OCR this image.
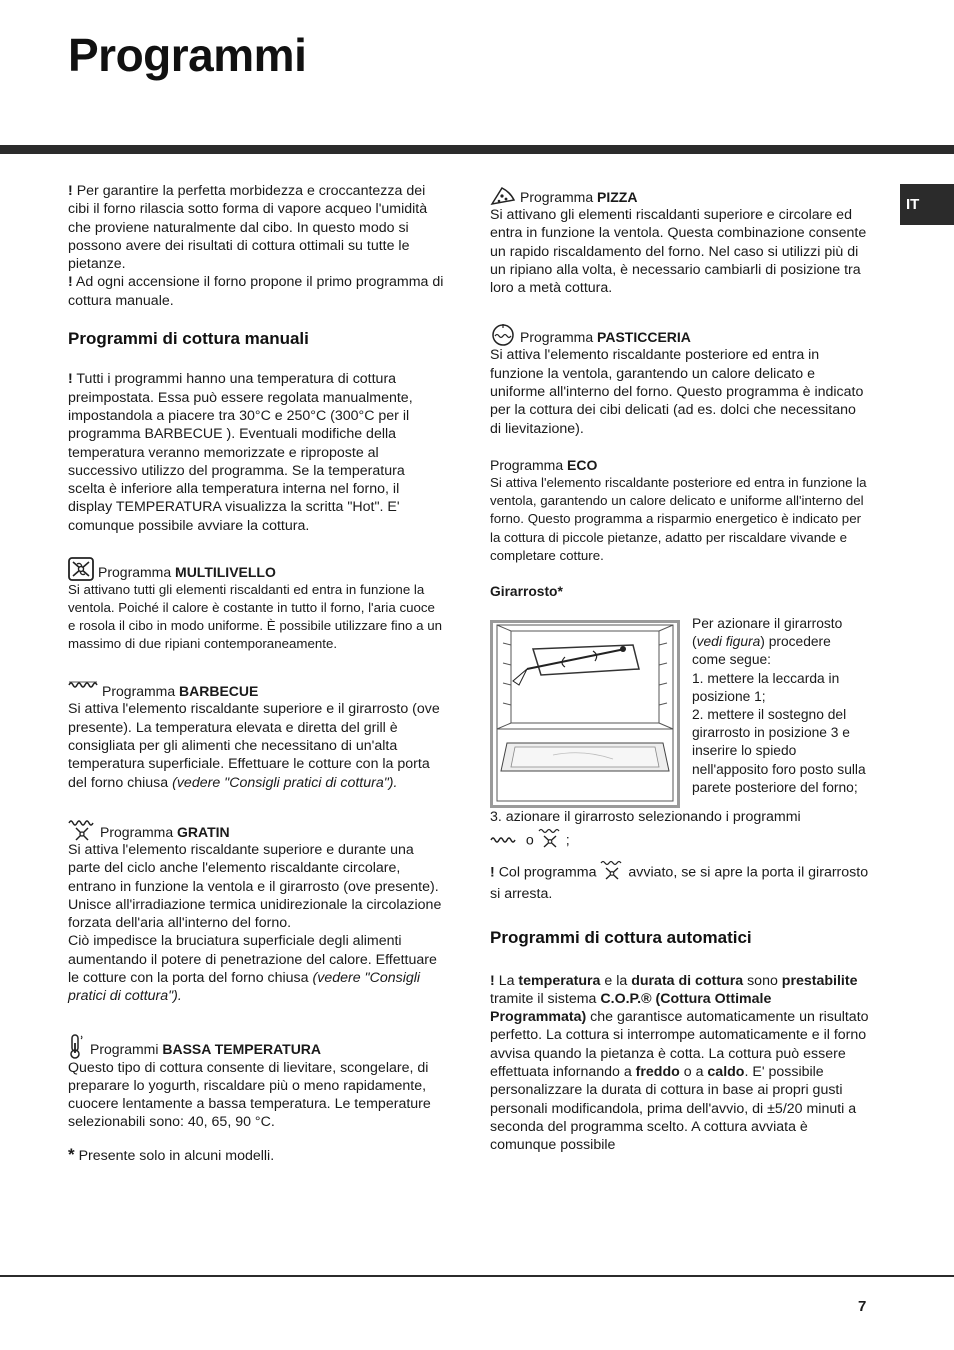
Programmi
IT

! Per garantire la perfetta morbidezza e croccantezza dei cibi il forno rilascia sotto forma di vapore acqueo l'umidità che proviene naturalmente dal cibo. In questo modo si possono avere dei risultati di cottura ottimali su tutte le pietanze.

! Ad ogni accensione il forno propone il primo programma di cottura manuale.

Programmi di cottura manuali

! Tutti i programmi hanno una temperatura di cottura preimpostata. Essa può essere regolata manualmente, impostandola a piacere tra 30°C e 250°C (300°C per il programma BARBECUE ). Eventuali modifiche della temperatura veranno memorizzate e riproposte al successivo utilizzo del programma. Se la temperatura scelta è inferiore alla temperatura interna nel forno, il display TEMPERATURA visualizza la scritta "Hot". E' comunque possibile avviare la cottura.

Programma MULTILIVELLO

Si attivano tutti gli elementi riscaldanti ed entra in funzione la ventola. Poiché il calore è costante in tutto il forno, l'aria cuoce e rosola il cibo in modo uniforme. È possibile utilizzare fino a un massimo di due ripiani contemporaneamente.

Programma BARBECUE

Si attiva l'elemento riscaldante superiore e il girarrosto (ove presente). La temperatura elevata e diretta del grill è consigliata per gli alimenti che necessitano di un'alta temperatura superficiale. Effettuare le cotture con la porta del forno chiusa (vedere "Consigli pratici di cottura").

Programma GRATIN

Si attiva l'elemento riscaldante superiore e durante una parte del ciclo anche l'elemento riscaldante circolare, entrano in funzione la ventola e il girarrosto (ove presente). Unisce all'irradiazione termica unidirezionale la circolazione forzata dell'aria all'interno del forno.

Ciò impedisce la bruciatura superficiale degli alimenti aumentando il potere di penetrazione del calore. Effettuare le cotture con la porta del forno chiusa (vedere "Consigli pratici di cottura").

Programmi BASSA TEMPERATURA

Questo tipo di cottura consente di lievitare, scongelare, di preparare lo yogurth, riscaldare più o meno rapidamente, cuocere lentamente a bassa temperatura. Le temperature selezionabili sono: 40, 65, 90 °C.

* Presente solo in alcuni modelli.

Programma PIZZA

Si attivano gli elementi riscaldanti superiore e circolare ed entra in funzione la ventola. Questa combinazione consente un rapido riscaldamento del forno. Nel caso si utilizzi più di un ripiano alla volta, è necessario cambiarli di posizione tra loro a metà cottura.

Programma PASTICCERIA

Si attiva l'elemento riscaldante posteriore ed entra in funzione la ventola, garantendo un calore delicato e uniforme all'interno del forno. Questo programma è indicato per la cottura dei cibi delicati (ad es. dolci che necessitano di lievitazione).

Programma ECO

Si attiva l'elemento riscaldante posteriore ed entra in funzione la ventola, garantendo un calore delicato e uniforme all'interno del forno. Questo programma a risparmio energetico è indicato per la cottura di piccole pietanze, adatto per riscaldare vivande e completare cotture.

Girarrosto*

Per azionare il girarrosto (vedi figura) procedere come segue:

1. mettere la leccarda in posizione 1;

2. mettere il sostegno del girarrosto in posizione 3 e inserire lo spiedo nell'apposito foro posto sulla parete posteriore del forno;

3. azionare il girarrosto selezionando i programmi

o ;

! Col programma avviato, se si apre la porta il girarrosto si arresta.

Programmi di cottura automatici

! La temperatura e la durata di cottura sono prestabilite tramite il sistema C.O.P.® (Cottura Ottimale Programmata) che garantisce automaticamente un risultato perfetto. La cottura si interrompe automaticamente e il forno avvisa quando la pietanza è cotta. La cottura può essere effettuata infornando a freddo o a caldo. E' possibile personalizzare la durata di cottura in base ai propri gusti personali modificandola, prima dell'avvio, di ±5/20 minuti a seconda del programma scelto. A cottura avviata è comunque possibile

7
